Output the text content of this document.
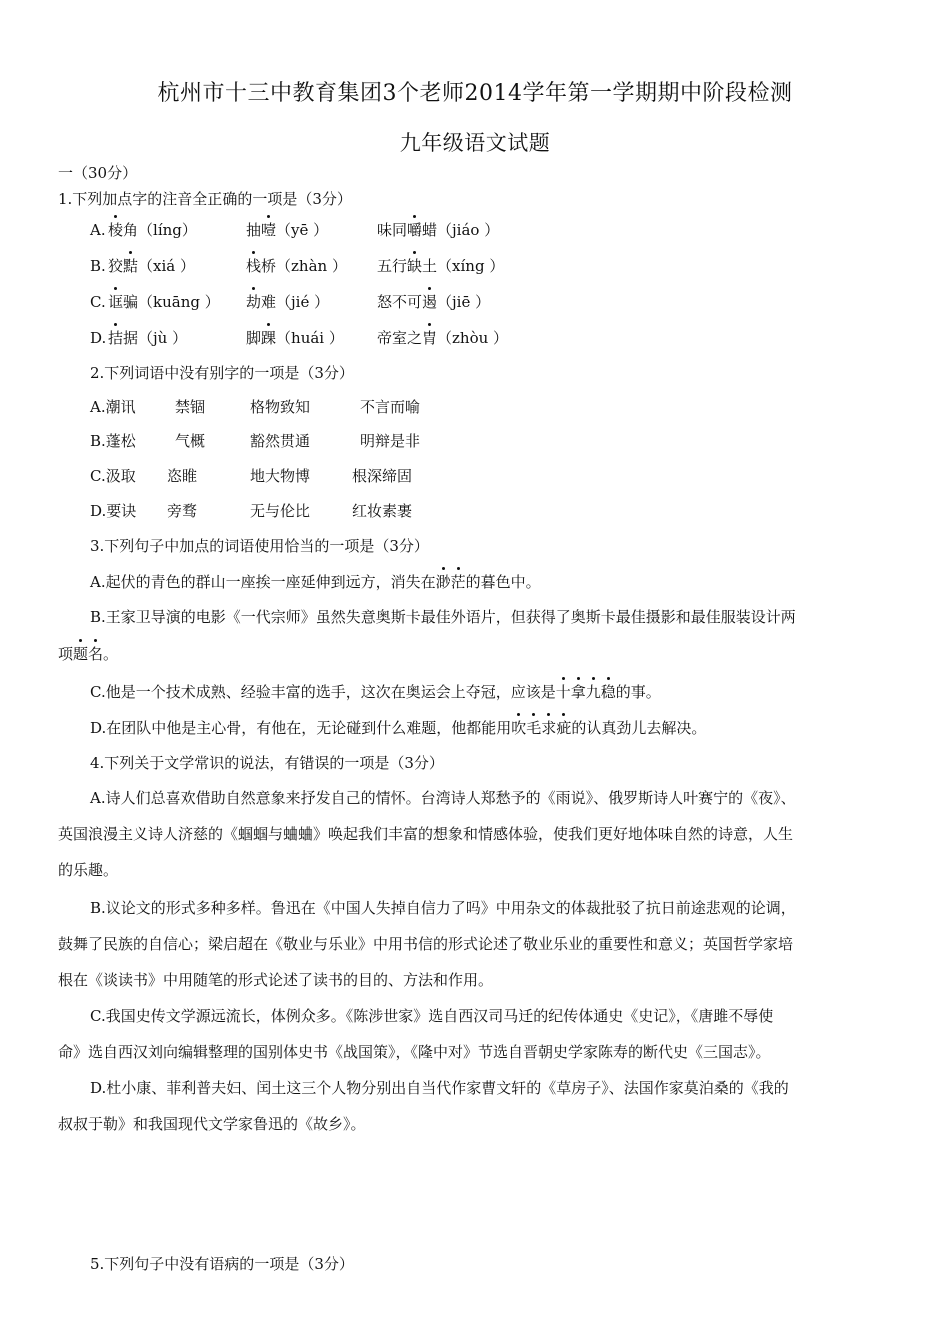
杭州市十三中教育集团3个老师2014学年第一学期期中阶段检测
九年级语文试题
一（30分）
1.下列加点字的注音全正确的一项是（3分）
A. 棱角（líng）	抽噎（yē ）	味同嚼蜡（jiáo ）
B. 狡黠（xiá ）	栈桥（zhàn ） 五行缺土（xíng ）
C. 诓骗（kuāng ） 劫难（jié ）	怒不可遏（jiē ）
D. 拮据（jù ）	脚踝（huái ） 帝室之胄（zhòu ）
2.下列词语中没有别字的一项是（3分）
A.潮讯	禁锢	格物致知	不言而喻
B.蓬松	气概	豁然贯通	明辩是非
C.汲取 恣睢	地大物博	根深缔固
D.要诀 旁骛	无与伦比	红妆素裹
3.下列句子中加点的词语使用恰当的一项是（3分）
A.起伏的青色的群山一座挨一座延伸到远方，消失在渺茫的暮色中。
B.王家卫导演的电影《一代宗师》虽然失意奥斯卡最佳外语片，但获得了奥斯卡最佳摄影和最佳服装设计两
项题名。
C.他是一个技术成熟、经验丰富的选手，这次在奥运会上夺冠，应该是十拿九稳的事。
D.在团队中他是主心骨，有他在，无论碰到什么难题，他都能用吹毛求疵的认真劲儿去解决。
4.下列关于文学常识的说法，有错误的一项是（3分）
A.诗人们总喜欢借助自然意象来抒发自己的情怀。台湾诗人郑愁予的《雨说》、俄罗斯诗人叶赛宁的《夜》、
英国浪漫主义诗人济慈的《蝈蝈与蛐蛐》唤起我们丰富的想象和情感体验，使我们更好地体味自然的诗意，人生
的乐趣。
B.议论文的形式多种多样。鲁迅在《中国人失掉自信力了吗》中用杂文的体裁批驳了抗日前途悲观的论调，
鼓舞了民族的自信心；梁启超在《敬业与乐业》中用书信的形式论述了敬业乐业的重要性和意义；英国哲学家培
根在《谈读书》中用随笔的形式论述了读书的目的、方法和作用。
C.我国史传文学源远流长，体例众多。《陈涉世家》选自西汉司马迁的纪传体通史《史记》，《唐雎不辱使
命》选自西汉刘向编辑整理的国别体史书《战国策》，《隆中对》节选自晋朝史学家陈寿的断代史《三国志》。
D.杜小康、菲利普夫妇、闰土这三个人物分别出自当代作家曹文轩的《草房子》、法国作家莫泊桑的《我的
叔叔于勒》和我国现代文学家鲁迅的《故乡》。
5.下列句子中没有语病的一项是（3分）
